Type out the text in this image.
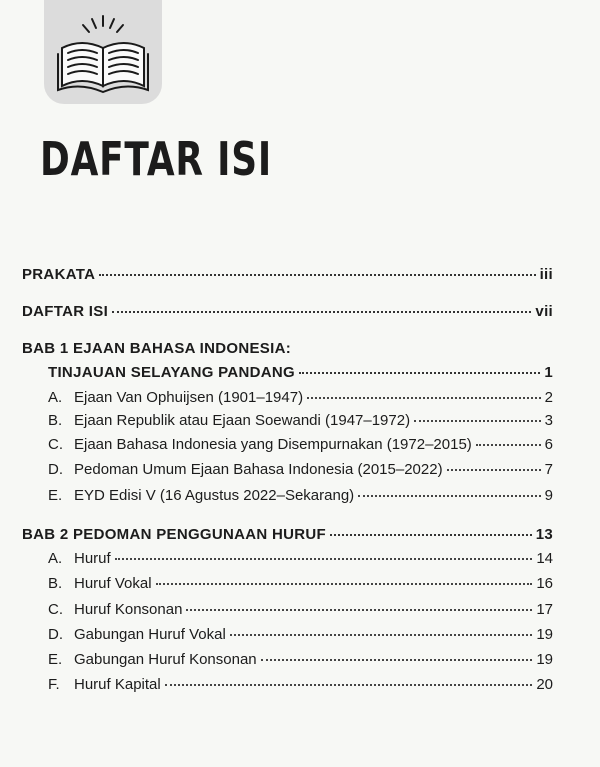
DAFTAR ISI
PRAKATA	iii
DAFTAR ISI	vii
BAB 1 EJAAN BAHASA INDONESIA:
TINJAUAN SELAYANG PANDANG	1
A. Ejaan Van Ophuijsen (1901–1947)	2
B. Ejaan Republik atau Ejaan Soewandi (1947–1972)	3
C. Ejaan Bahasa Indonesia yang Disempurnakan (1972–2015)	6
D. Pedoman Umum Ejaan Bahasa Indonesia (2015–2022)	7
E. EYD Edisi V (16 Agustus 2022–Sekarang)	9
BAB 2 PEDOMAN PENGGUNAAN HURUF	13
A. Huruf	14
B. Huruf Vokal	16
C. Huruf Konsonan	17
D. Gabungan Huruf Vokal	19
E. Gabungan Huruf Konsonan	19
F. Huruf Kapital	20
